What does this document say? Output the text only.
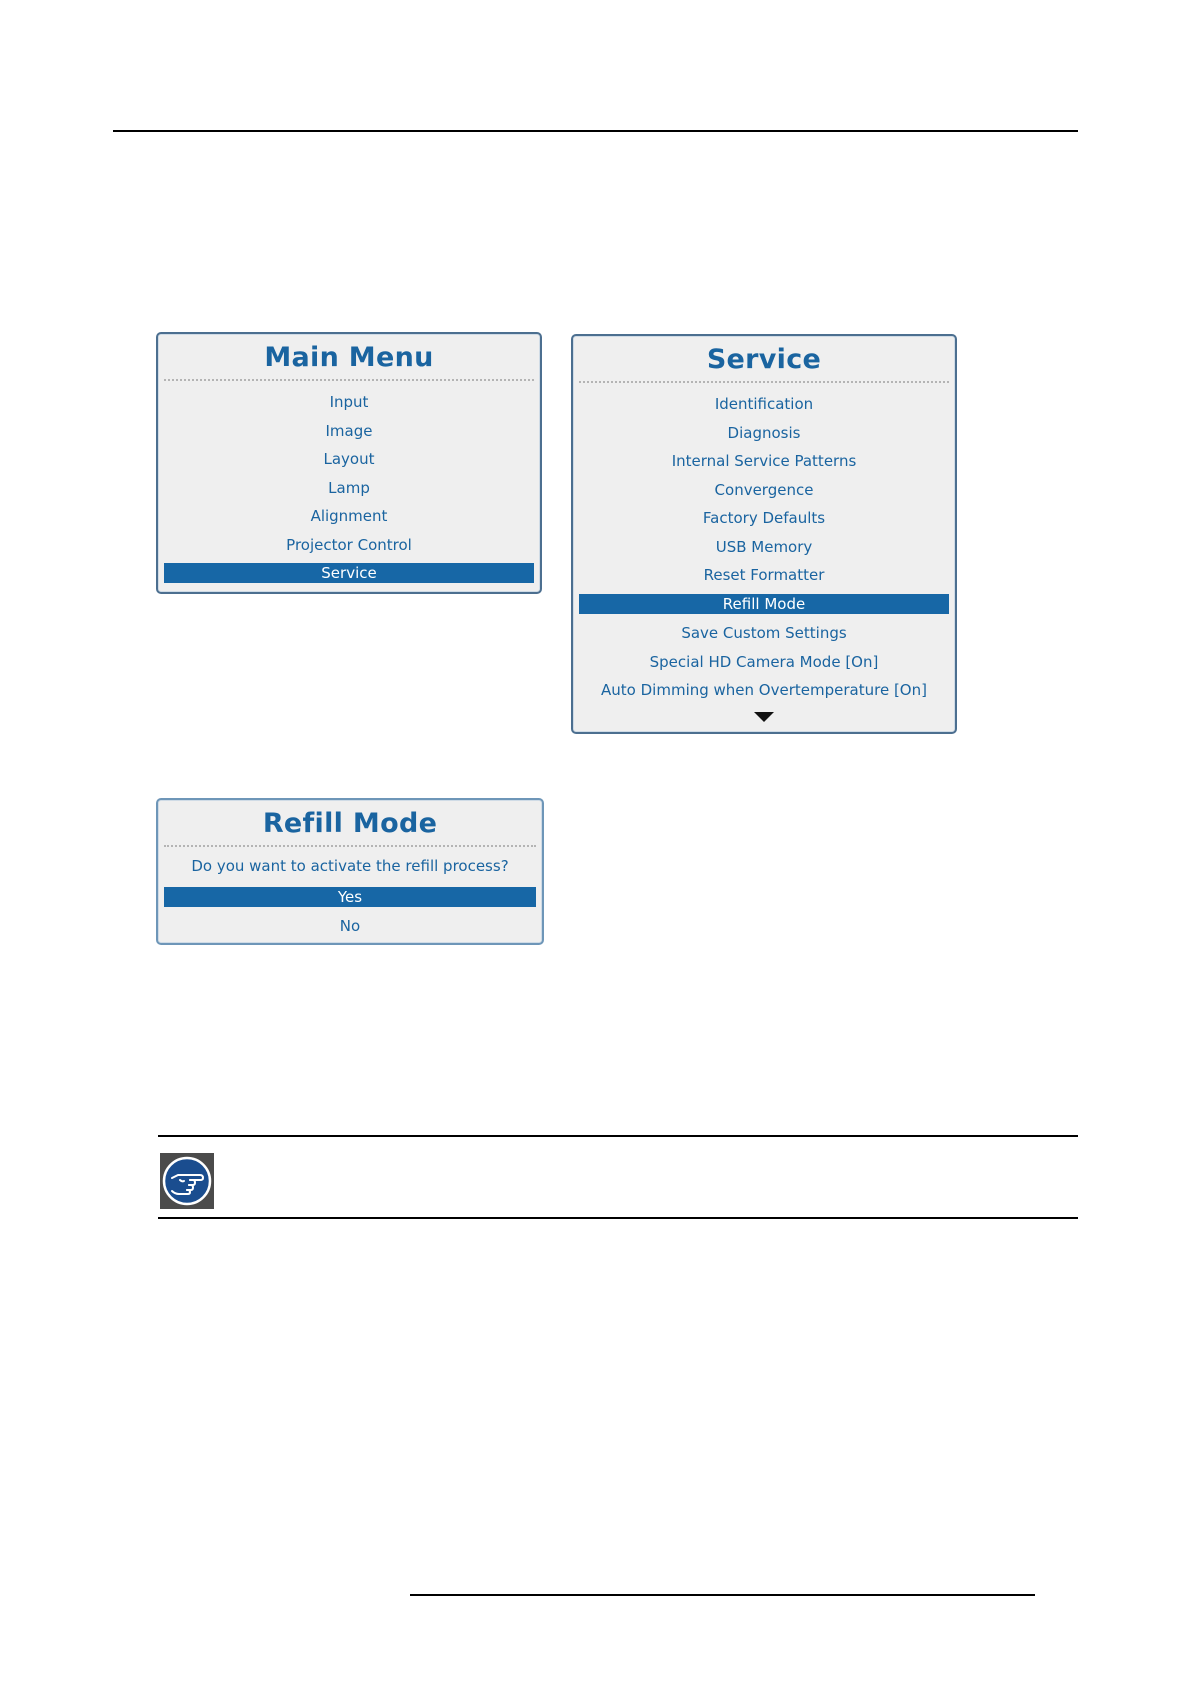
Main Menu
Input
Image
Layout
Lamp
Alignment
Projector Control
Service
Service
Identification
Diagnosis
Internal Service Patterns
Convergence
Factory Defaults
USB Memory
Reset Formatter
Refill Mode
Save Custom Settings
Special HD Camera Mode [On]
Auto Dimming when Overtemperature [On]
Refill Mode
Do you want to activate the refill process?
Yes
No
